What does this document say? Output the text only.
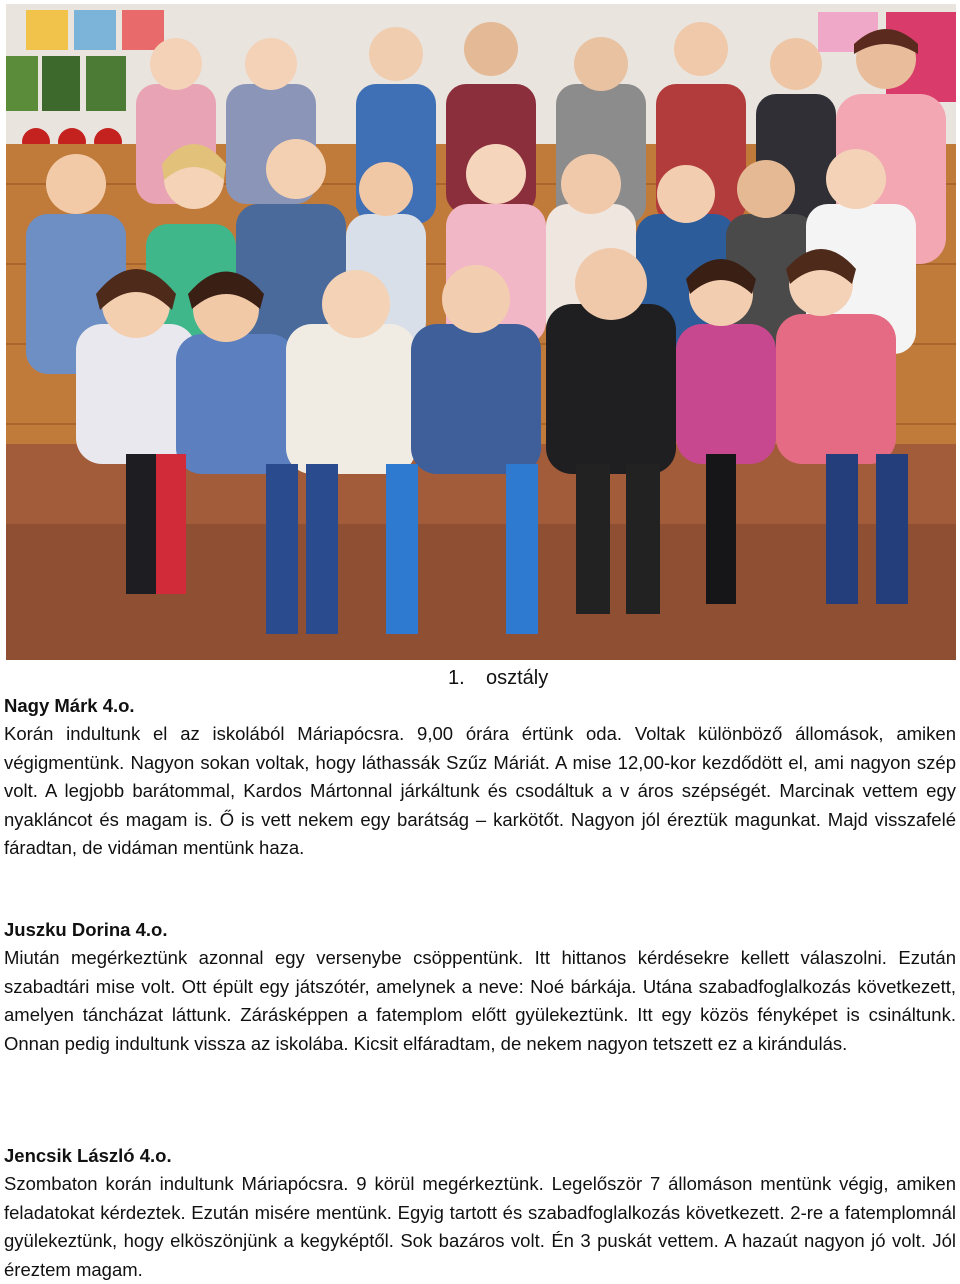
1. osztály

Nagy Márk 4.o.

Korán indultunk el az iskolából Máriapócsra. 9,00 órára értünk oda. Voltak különböző állomások, amiken végigmentünk. Nagyon sokan voltak, hogy láthassák Szűz Máriát. A mise 12,00-kor kezdődött el, ami nagyon szép volt. A legjobb barátommal, Kardos Mártonnal járkáltunk és csodáltuk a v áros szépségét. Marcinak vettem egy nyakláncot és magam is. Ő is vett nekem egy barátság – karkötőt. Nagyon jól éreztük magunkat. Majd visszafelé fáradtan, de vidáman mentünk haza.

Juszku Dorina 4.o.

Miután megérkeztünk azonnal egy versenybe csöppentünk. Itt hittanos kérdésekre kellett válaszolni. Ezután szabadtári mise volt. Ott épült egy játszótér, amelynek a neve: Noé bárkája. Utána szabadfoglalkozás következett, amelyen táncházat láttunk. Zárásképpen a fatemplom előtt gyülekeztünk. Itt egy közös fényképet is csináltunk. Onnan pedig indultunk vissza az iskolába. Kicsit elfáradtam, de nekem nagyon tetszett ez a kirándulás.

Jencsik László 4.o.

Szombaton korán indultunk Máriapócsra. 9 körül megérkeztünk. Legelőször 7 állomáson mentünk végig, amiken feladatokat kérdeztek. Ezután misére mentünk. Egyig tartott és szabadfoglalkozás következett. 2-re a fatemplomnál gyülekeztünk, hogy elköszönjünk a kegyképtől. Sok bazáros volt. Én 3 puskát vettem. A hazaút nagyon jó volt. Jól éreztem magam.
